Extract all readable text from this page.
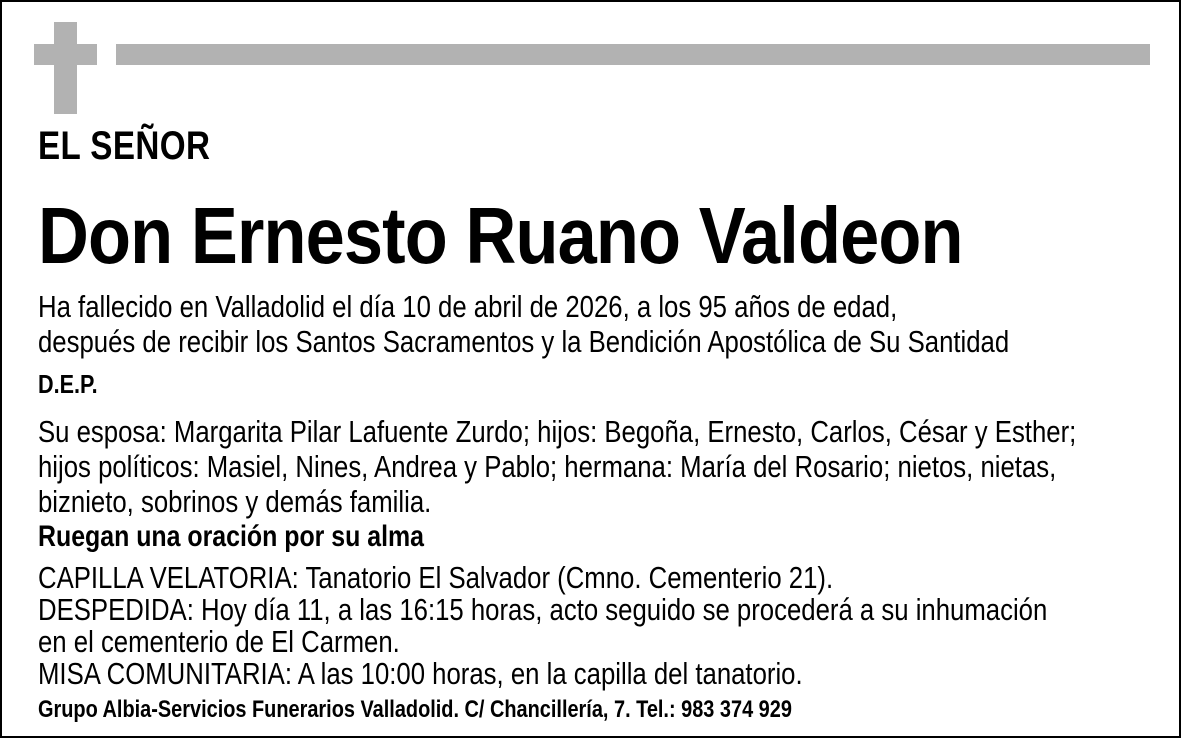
EL SEÑOR
Don Ernesto Ruano Valdeon
Ha fallecido en Valladolid el día 10 de abril de 2026, a los 95 años de edad,
después de recibir los Santos Sacramentos y la Bendición Apostólica de Su Santidad
D.E.P.
Su esposa: Margarita Pilar Lafuente Zurdo; hijos: Begoña, Ernesto, Carlos, César y Esther;
hijos políticos: Masiel, Nines, Andrea y Pablo; hermana: María del Rosario; nietos, nietas,
biznieto, sobrinos y demás familia.
Ruegan una oración por su alma
CAPILLA VELATORIA: Tanatorio El Salvador (Cmno. Cementerio 21).
DESPEDIDA: Hoy día 11, a las 16:15 horas, acto seguido se procederá a su inhumación
en el cementerio de El Carmen.
MISA COMUNITARIA: A las 10:00 horas, en la capilla del tanatorio.
Grupo Albia-Servicios Funerarios Valladolid. C/ Chancillería, 7. Tel.: 983 374 929
